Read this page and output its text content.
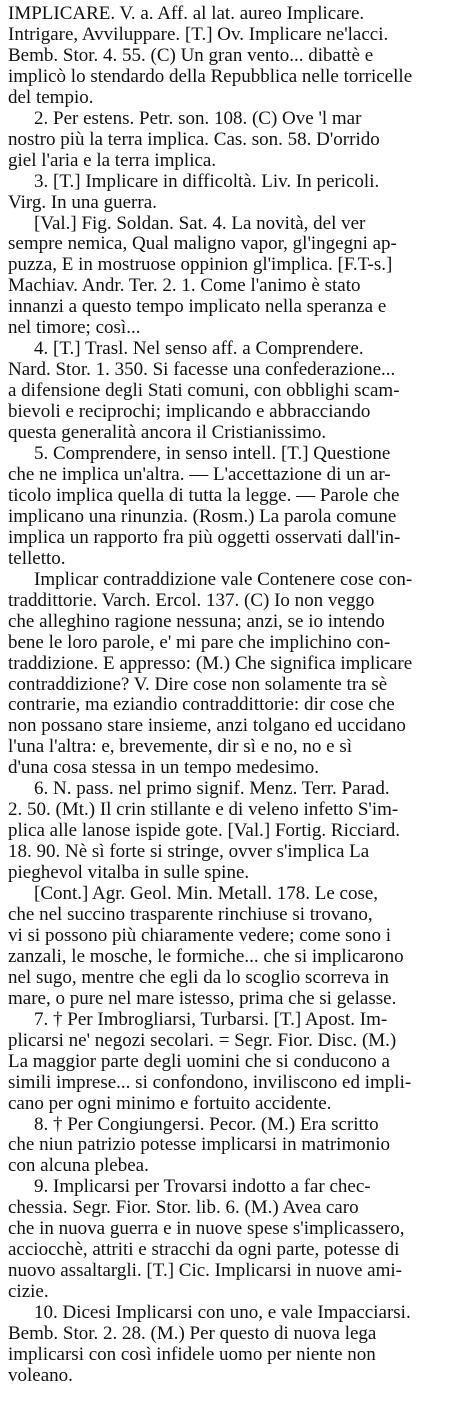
IMPLICARE. V. a. Aff. al lat. aureo Implicare.
Intrigare, Avviluppare. [T.] Ov. Implicare ne'lacci.
Bemb. Stor. 4. 55. (C) Un gran vento... dibattè e
implicò lo stendardo della Repubblica nelle torricelle
del tempio.
2. Per estens. Petr. son. 108. (C) Ove 'l mar
nostro più la terra implica. Cas. son. 58. D'orrido
giel l'aria e la terra implica.
3. [T.] Implicare in difficoltà. Liv. In pericoli.
Virg. In una guerra.
[Val.] Fig. Soldan. Sat. 4. La novità, del ver
sempre nemica, Qual maligno vapor, gl'ingegni ap-
puzza, E in mostruose oppinion gl'implica. [F.T-s.]
Machiav. Andr. Ter. 2. 1. Come l'animo è stato
innanzi a questo tempo implicato nella speranza e
nel timore; così...
4. [T.] Trasl. Nel senso aff. a Comprendere.
Nard. Stor. 1. 350. Si facesse una confederazione...
a difensione degli Stati comuni, con obblighi scam-
bievoli e reciprochi; implicando e abbracciando
questa generalità ancora il Cristianissimo.
5. Comprendere, in senso intell. [T.] Questione
che ne implica un'altra. — L'accettazione di un ar-
ticolo implica quella di tutta la legge. — Parole che
implicano una rinunzia. (Rosm.) La parola comune
implica un rapporto fra più oggetti osservati dall'in-
telletto.
Implicar contraddizione vale Contenere cose con-
traddittorie. Varch. Ercol. 137. (C) Io non veggo
che alleghino ragione nessuna; anzi, se io intendo
bene le loro parole, e' mi pare che implichino con-
traddizione. E appresso: (M.) Che significa implicare
contraddizione? V. Dire cose non solamente tra sè
contrarie, ma eziandio contraddittorie: dir cose che
non possano stare insieme, anzi tolgano ed uccidano
l'una l'altra: e, brevemente, dir sì e no, no e sì
d'una cosa stessa in un tempo medesimo.
6. N. pass. nel primo signif. Menz. Terr. Parad.
2. 50. (Mt.) Il crin stillante e di veleno infetto S'im-
plica alle lanose ispide gote. [Val.] Fortig. Ricciard.
18. 90. Nè sì forte si stringe, ovver s'implica La
pieghevol vitalba in sulle spine.
[Cont.] Agr. Geol. Min. Metall. 178. Le cose,
che nel succino trasparente rinchiuse si trovano,
vi si possono più chiaramente vedere; come sono i
zanzali, le mosche, le formiche... che si implicarono
nel sugo, mentre che egli da lo scoglio scorreva in
mare, o pure nel mare istesso, prima che si gelasse.
7. † Per Imbrogliarsi, Turbarsi. [T.] Apost. Im-
plicarsi ne' negozi secolari. = Segr. Fior. Disc. (M.)
La maggior parte degli uomini che si conducono a
simili imprese... si confondono, inviliscono ed impli-
cano per ogni minimo e fortuito accidente.
8. † Per Congiungersi. Pecor. (M.) Era scritto
che niun patrizio potesse implicarsi in matrimonio
con alcuna plebea.
9. Implicarsi per Trovarsi indotto a far chec-
chessia. Segr. Fior. Stor. lib. 6. (M.) Avea caro
che in nuova guerra e in nuove spese s'implicassero,
acciocchè, attriti e stracchi da ogni parte, potesse di
nuovo assaltargli. [T.] Cic. Implicarsi in nuove ami-
cizie.
10. Dicesi Implicarsi con uno, e vale Impacciarsi.
Bemb. Stor. 2. 28. (M.) Per questo di nuova lega
implicarsi con così infidele uomo per niente non
voleano.
